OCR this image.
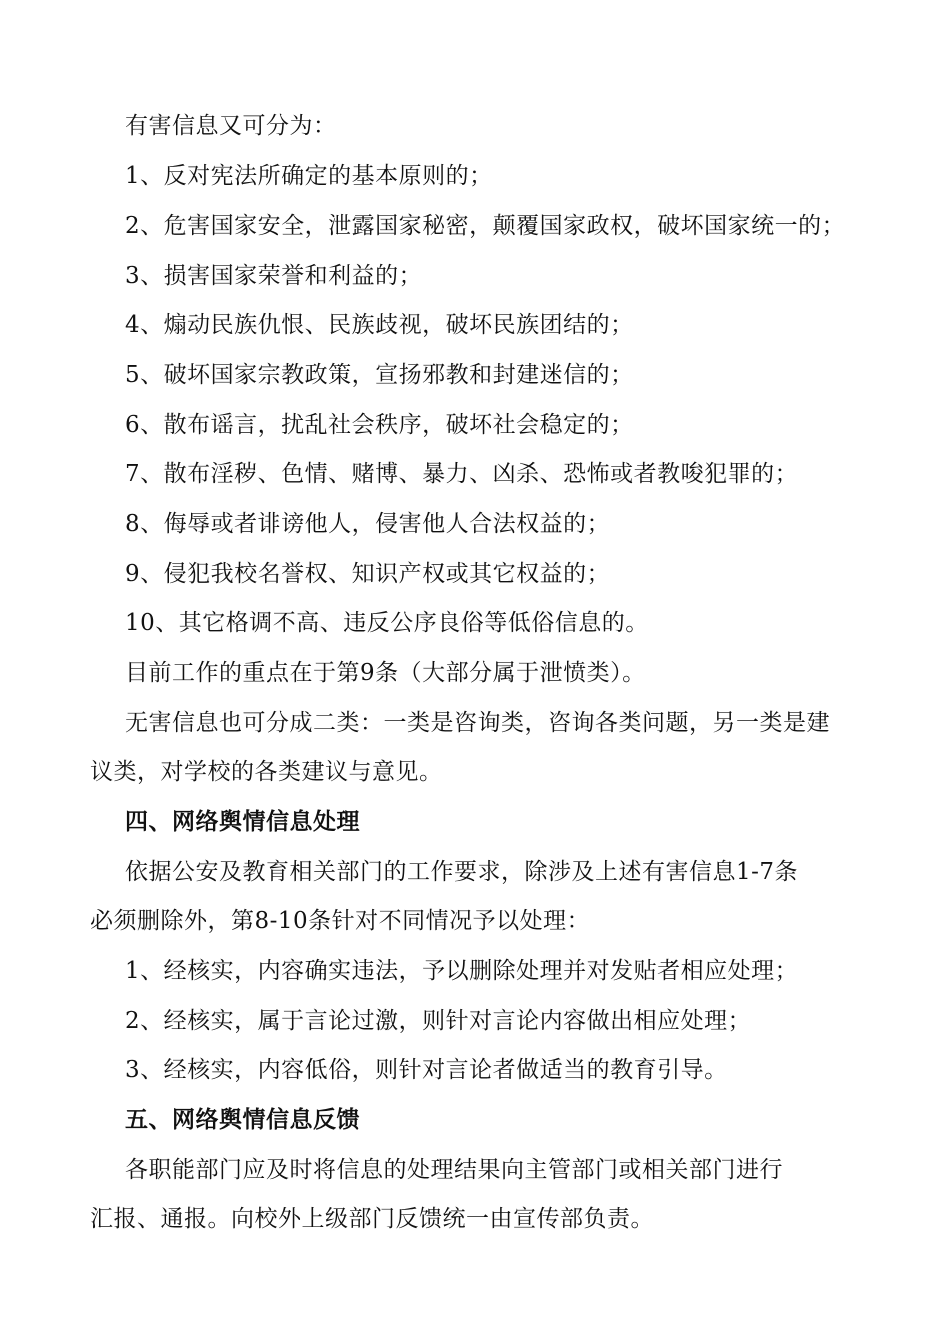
有害信息又可分为：
1、反对宪法所确定的基本原则的；
2、危害国家安全，泄露国家秘密，颠覆国家政权，破坏国家统一的；
3、损害国家荣誉和利益的；
4、煽动民族仇恨、民族歧视，破坏民族团结的；
5、破坏国家宗教政策，宣扬邪教和封建迷信的；
6、散布谣言，扰乱社会秩序，破坏社会稳定的；
7、散布淫秽、色情、赌博、暴力、凶杀、恐怖或者教唆犯罪的；
8、侮辱或者诽谤他人，侵害他人合法权益的；
9、侵犯我校名誉权、知识产权或其它权益的；
10、其它格调不高、违反公序良俗等低俗信息的。
目前工作的重点在于第9条（大部分属于泄愤类）。
无害信息也可分成二类：一类是咨询类，咨询各类问题，另一类是建
议类，对学校的各类建议与意见。
四、网络舆情信息处理
依据公安及教育相关部门的工作要求，除涉及上述有害信息1-7条
必须删除外，第8-10条针对不同情况予以处理：
1、经核实，内容确实违法，予以删除处理并对发贴者相应处理；
2、经核实，属于言论过激，则针对言论内容做出相应处理；
3、经核实，内容低俗，则针对言论者做适当的教育引导。
五、网络舆情信息反馈
各职能部门应及时将信息的处理结果向主管部门或相关部门进行
汇报、通报。向校外上级部门反馈统一由宣传部负责。
